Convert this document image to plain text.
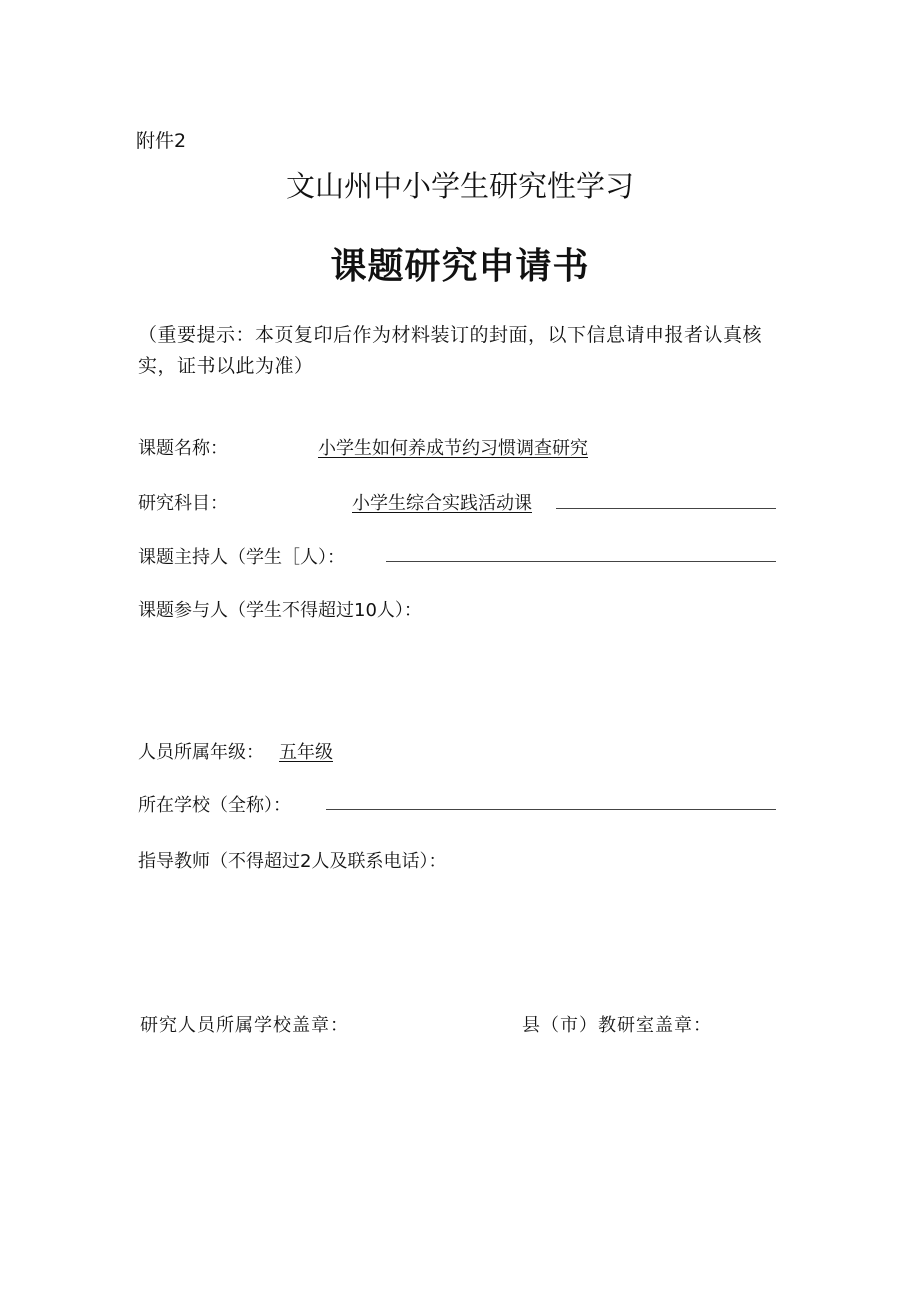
附件2
文山州中小学生研究性学习
课题研究申请书
（重要提示：本页复印后作为材料装订的封面，以下信息请申报者认真核实，证书以此为准）
课题名称：	小学生如何养成节约习惯调查研究
研究科目：	小学生综合实践活动课
课题主持人（学生［人）：
课题参与人（学生不得超过10人）：
人员所属年级： 五年级
所在学校（全称）：
指导教师（不得超过2人及联系电话）：
研究人员所属学校盖章：	县（市）教研室盖章：
